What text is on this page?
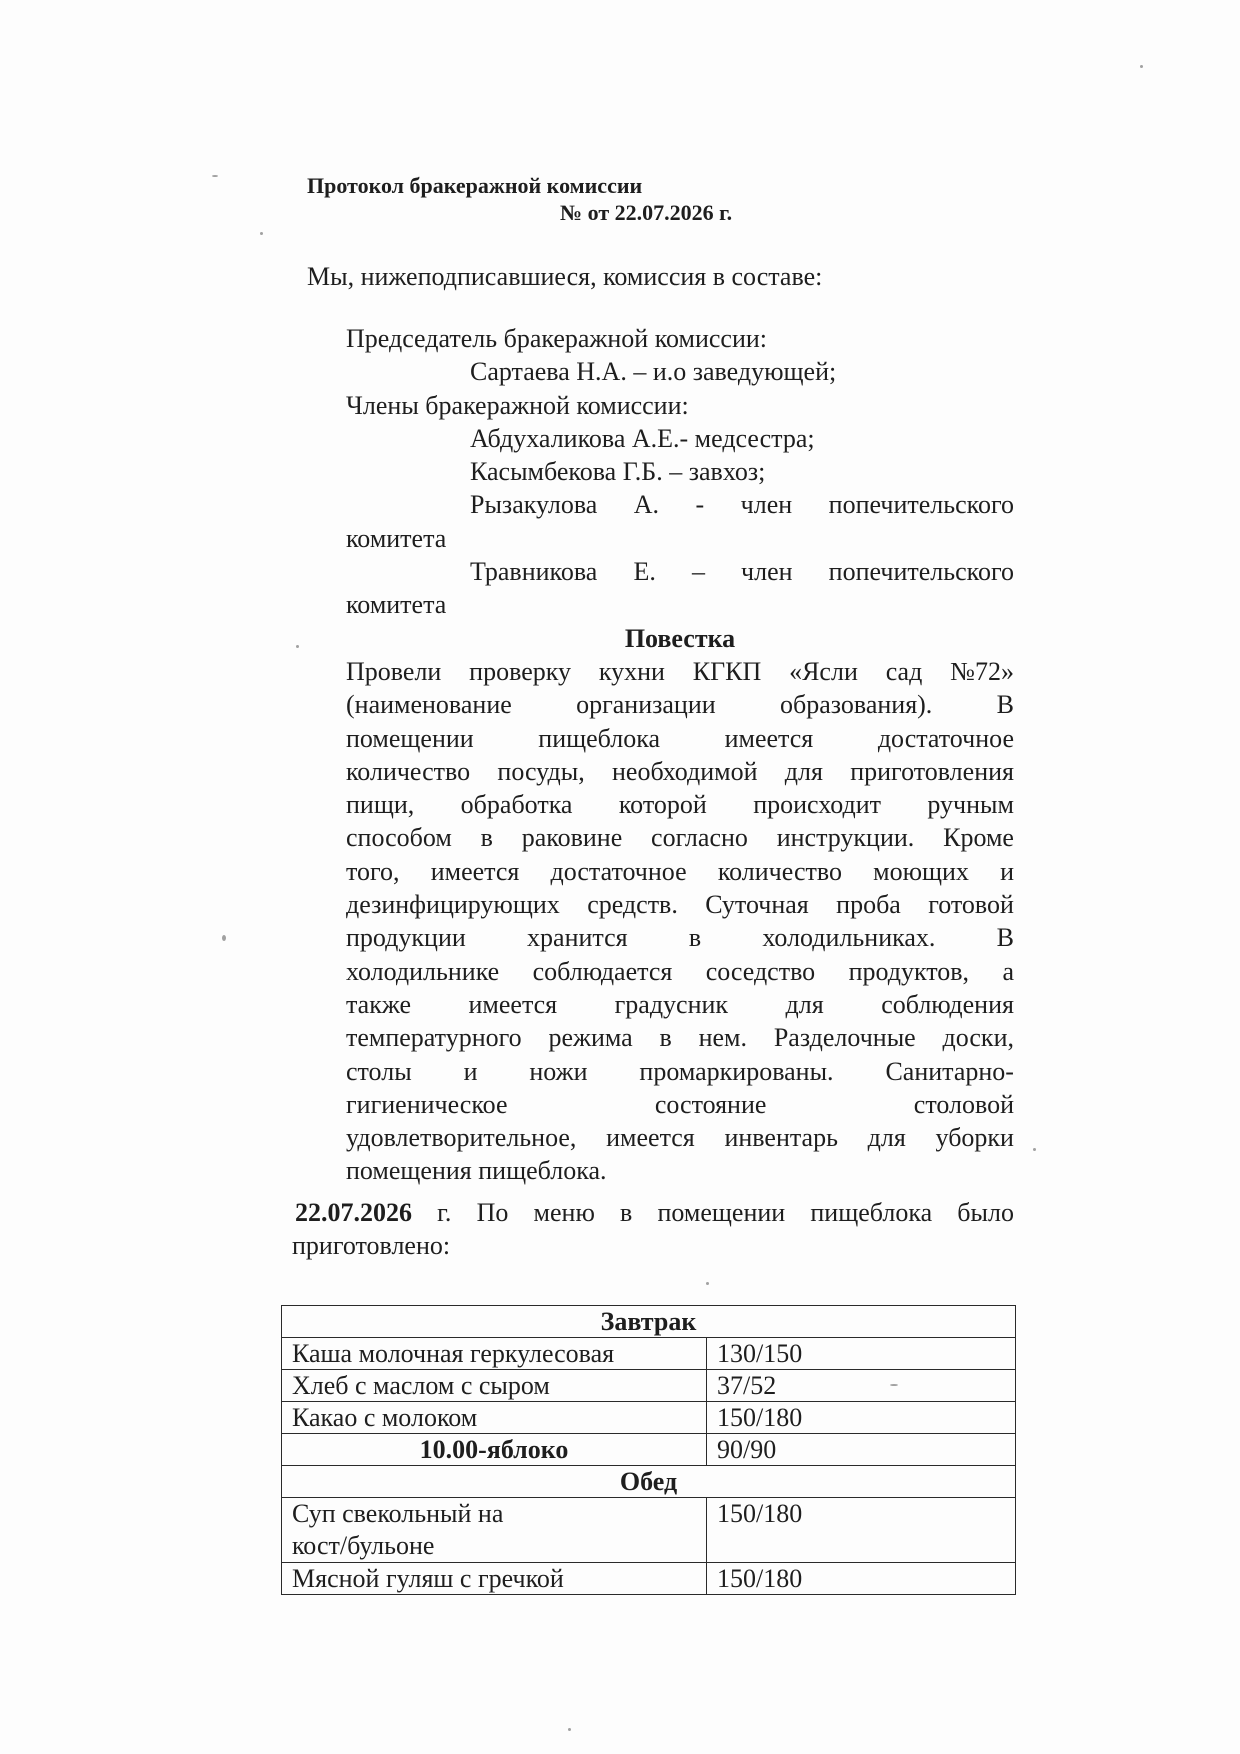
Протокол бракеражной комиссии
№ от 22.07.2026 г.
Мы, нижеподписавшиеся, комиссия в составе:
Председатель бракеражной комиссии:
Сартаева Н.А. – и.о заведующей;
Члены бракеражной комиссии:
Абдухаликова А.Е.- медсестра;
Касымбекова Г.Б. – завхоз;
Рызакулова А. - член попечительского
комитета
Травникова Е. – член попечительского
комитета
Повестка
Провели проверку кухни КГКП «Ясли сад №72»
(наименование организации образования). В
помещении пищеблока имеется достаточное
количество посуды, необходимой для приготовления
пищи, обработка которой происходит ручным
способом в раковине согласно инструкции. Кроме
того, имеется достаточное количество моющих и
дезинфицирующих средств. Суточная проба готовой
продукции хранится в холодильниках. В
холодильнике соблюдается соседство продуктов, а
также имеется градусник для соблюдения
температурного режима в нем. Разделочные доски,
столы и ножи промаркированы. Санитарно-
гигиеническое	состояние	столовой
удовлетворительное, имеется инвентарь для уборки
помещения пищеблока.
22.07.2026 г. По меню в помещении пищеблока было
приготовлено:
Завтрак	
Каша молочная геркулесовая	130/150
Хлеб с маслом с сыром	37/52
Какао с молоком	150/180
10.00-яблоко	90/90
Обед	

Суп свекольный на
кост/бульоне	150/180
Мясной гуляш с гречкой	150/180
